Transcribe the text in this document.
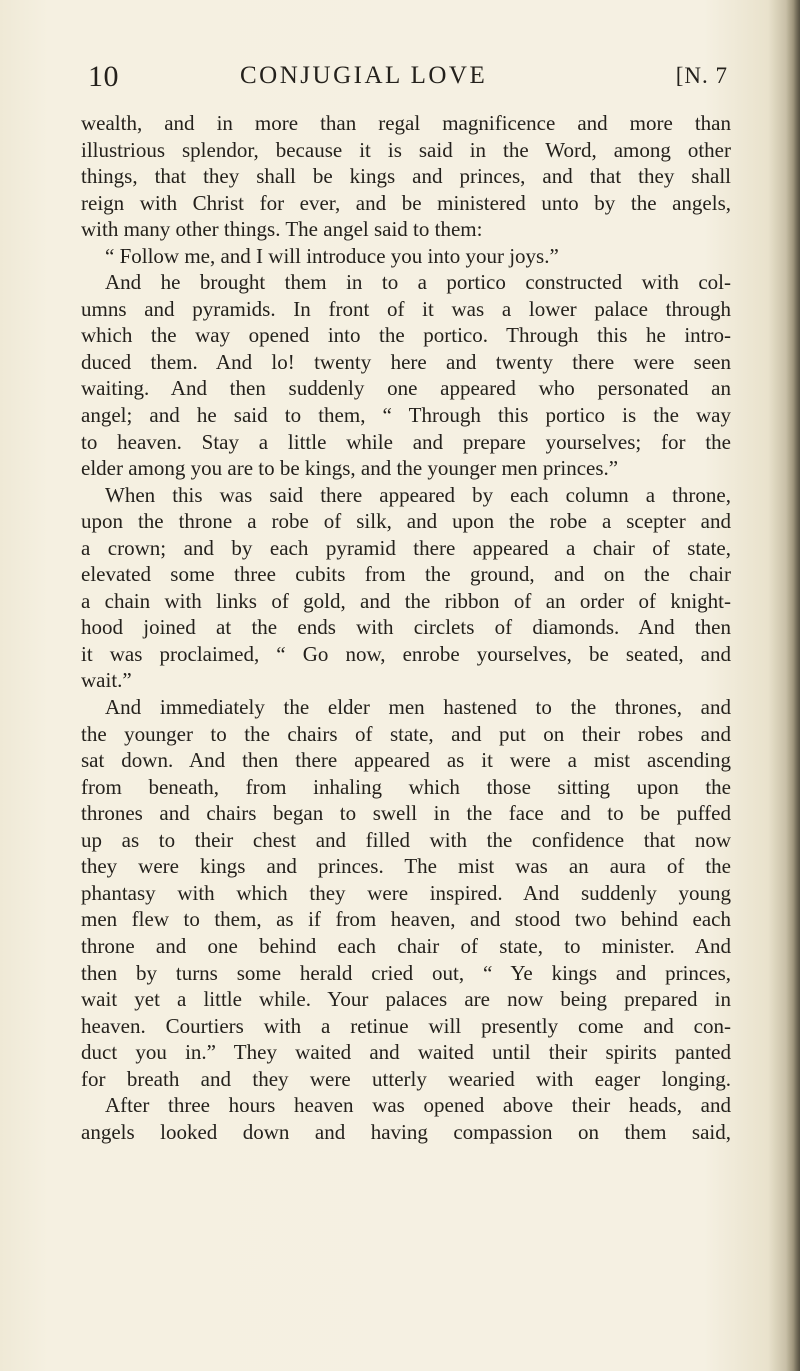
10	CONJUGIAL LOVE	[N. 7
wealth, and in more than regal magnificence and more than
illustrious splendor, because it is said in the Word, among other
things, that they shall be kings and princes, and that they shall
reign with Christ for ever, and be ministered unto by the angels,
with many other things. The angel said to them:
“ Follow me, and I will introduce you into your joys.”
And he brought them in to a portico constructed with col-
umns and pyramids. In front of it was a lower palace through
which the way opened into the portico. Through this he intro-
duced them. And lo! twenty here and twenty there were seen
waiting. And then suddenly one appeared who personated an
angel; and he said to them, “ Through this portico is the way
to heaven. Stay a little while and prepare yourselves; for the
elder among you are to be kings, and the younger men princes.”
When this was said there appeared by each column a throne,
upon the throne a robe of silk, and upon the robe a scepter and
a crown; and by each pyramid there appeared a chair of state,
elevated some three cubits from the ground, and on the chair
a chain with links of gold, and the ribbon of an order of knight-
hood joined at the ends with circlets of diamonds. And then
it was proclaimed, “ Go now, enrobe yourselves, be seated, and
wait.”
And immediately the elder men hastened to the thrones, and
the younger to the chairs of state, and put on their robes and
sat down. And then there appeared as it were a mist ascending
from beneath, from inhaling which those sitting upon the
thrones and chairs began to swell in the face and to be puffed
up as to their chest and filled with the confidence that now
they were kings and princes. The mist was an aura of the
phantasy with which they were inspired. And suddenly young
men flew to them, as if from heaven, and stood two behind each
throne and one behind each chair of state, to minister. And
then by turns some herald cried out, “ Ye kings and princes,
wait yet a little while. Your palaces are now being prepared in
heaven. Courtiers with a retinue will presently come and con-
duct you in.” They waited and waited until their spirits panted
for breath and they were utterly wearied with eager longing.
After three hours heaven was opened above their heads, and
angels looked down and having compassion on them said,
